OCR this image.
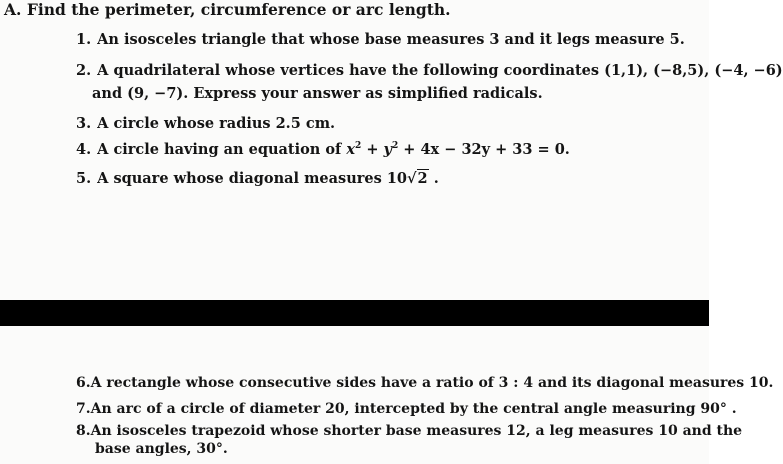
A. Find the perimeter, circumference or arc length.
1. An isosceles triangle that whose base measures 3 and it legs measure 5.
2. A quadrilateral whose vertices have the following coordinates (1,1), (−8,5), (−4, −6)
and (9, −7). Express your answer as simplified radicals.
3. A circle whose radius 2.5 cm.
4. A circle having an equation of $x^2 + y^2 + 4x - 32y + 33 = 0$.
5. A square whose diagonal measures 10√2 .
6.A rectangle whose consecutive sides have a ratio of 3 : 4 and its diagonal measures 10.
7.An arc of a circle of diameter 20, intercepted by the central angle measuring 90° .
8.An isosceles trapezoid whose shorter base measures 12, a leg measures 10 and the
base angles, 30°.
